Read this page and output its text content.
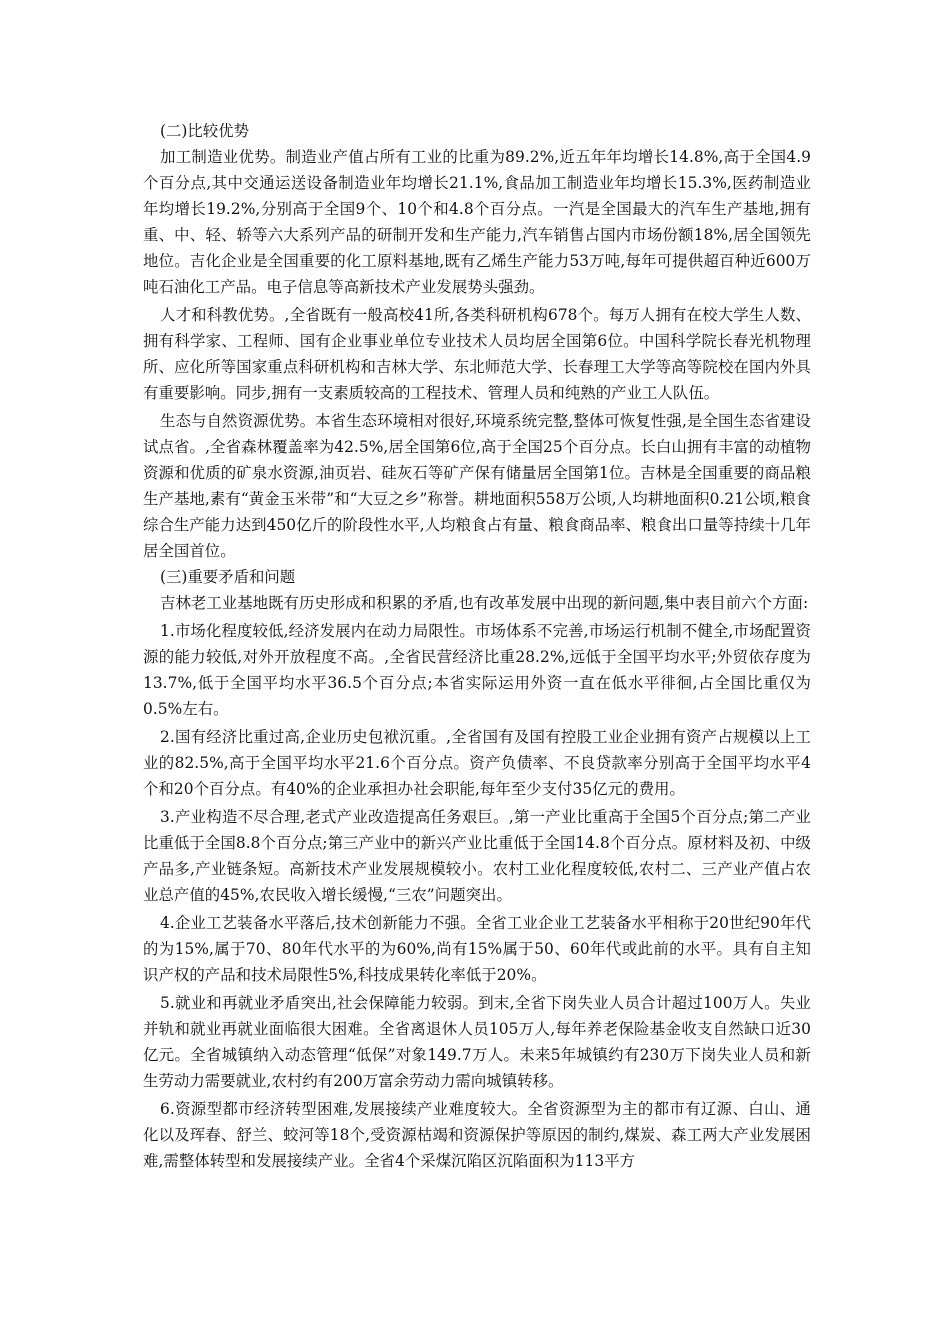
(二)比较优势

加工制造业优势。制造业产值占所有工业的比重为89.2%,近五年年均增长14.8%,高于全国4.9个百分点,其中交通运送设备制造业年均增长21.1%,食品加工制造业年均增长15.3%,医药制造业年均增长19.2%,分别高于全国9个、10个和4.8个百分点。一汽是全国最大的汽车生产基地,拥有重、中、轻、轿等六大系列产品的研制开发和生产能力,汽车销售占国内市场份额18%,居全国领先地位。吉化企业是全国重要的化工原料基地,既有乙烯生产能力53万吨,每年可提供超百种近600万吨石油化工产品。电子信息等高新技术产业发展势头强劲。

人才和科教优势。,全省既有一般高校41所,各类科研机构678个。每万人拥有在校大学生人数、拥有科学家、工程师、国有企业事业单位专业技术人员均居全国第6位。中国科学院长春光机物理所、应化所等国家重点科研机构和吉林大学、东北师范大学、长春理工大学等高等院校在国内外具有重要影响。同步,拥有一支素质较高的工程技术、管理人员和纯熟的产业工人队伍。

生态与自然资源优势。本省生态环境相对很好,环境系统完整,整体可恢复性强,是全国生态省建设试点省。,全省森林覆盖率为42.5%,居全国第6位,高于全国25个百分点。长白山拥有丰富的动植物资源和优质的矿泉水资源,油页岩、硅灰石等矿产保有储量居全国第1位。吉林是全国重要的商品粮生产基地,素有“黄金玉米带”和“大豆之乡”称誉。耕地面积558万公顷,人均耕地面积0.21公顷,粮食综合生产能力达到450亿斤的阶段性水平,人均粮食占有量、粮食商品率、粮食出口量等持续十几年居全国首位。

(三)重要矛盾和问题

吉林老工业基地既有历史形成和积累的矛盾,也有改革发展中出现的新问题,集中表目前六个方面:

1.市场化程度较低,经济发展内在动力局限性。市场体系不完善,市场运行机制不健全,市场配置资源的能力较低,对外开放程度不高。,全省民营经济比重28.2%,远低于全国平均水平;外贸依存度为13.7%,低于全国平均水平36.5个百分点;本省实际运用外资一直在低水平徘徊,占全国比重仅为0.5%左右。

2.国有经济比重过高,企业历史包袱沉重。,全省国有及国有控股工业企业拥有资产占规模以上工业的82.5%,高于全国平均水平21.6个百分点。资产负债率、不良贷款率分别高于全国平均水平4个和20个百分点。有40%的企业承担办社会职能,每年至少支付35亿元的费用。

3.产业构造不尽合理,老式产业改造提高任务艰巨。,第一产业比重高于全国5个百分点;第二产业比重低于全国8.8个百分点;第三产业中的新兴产业比重低于全国14.8个百分点。原材料及初、中级产品多,产业链条短。高新技术产业发展规模较小。农村工业化程度较低,农村二、三产业产值占农业总产值的45%,农民收入增长缓慢,“三农”问题突出。

4.企业工艺装备水平落后,技术创新能力不强。全省工业企业工艺装备水平相称于20世纪90年代的为15%,属于70、80年代水平的为60%,尚有15%属于50、60年代或此前的水平。具有自主知识产权的产品和技术局限性5%,科技成果转化率低于20%。

5.就业和再就业矛盾突出,社会保障能力较弱。到末,全省下岗失业人员合计超过100万人。失业并轨和就业再就业面临很大困难。全省离退休人员105万人,每年养老保险基金收支自然缺口近30亿元。全省城镇纳入动态管理“低保”对象149.7万人。未来5年城镇约有230万下岗失业人员和新生劳动力需要就业,农村约有200万富余劳动力需向城镇转移。

6.资源型都市经济转型困难,发展接续产业难度较大。全省资源型为主的都市有辽源、白山、通化以及珲春、舒兰、蛟河等18个,受资源枯竭和资源保护等原因的制约,煤炭、森工两大产业发展困难,需整体转型和发展接续产业。全省4个采煤沉陷区沉陷面积为113平方
